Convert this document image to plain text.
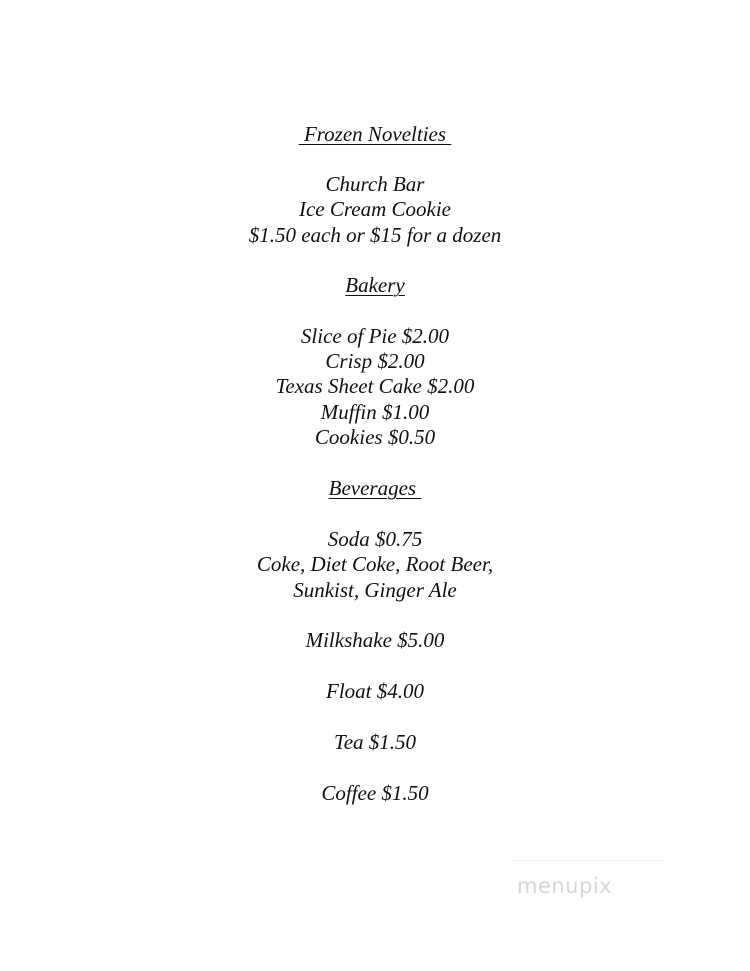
Frozen Novelties
Church Bar
Ice Cream Cookie
$1.50 each or $15 for a dozen
Bakery
Slice of Pie $2.00
Crisp $2.00
Texas Sheet Cake $2.00
Muffin $1.00
Cookies $0.50
Beverages
Soda $0.75
Coke, Diet Coke, Root Beer,
Sunkist, Ginger Ale
Milkshake $5.00
Float $4.00
Tea $1.50
Coffee $1.50
menupix
